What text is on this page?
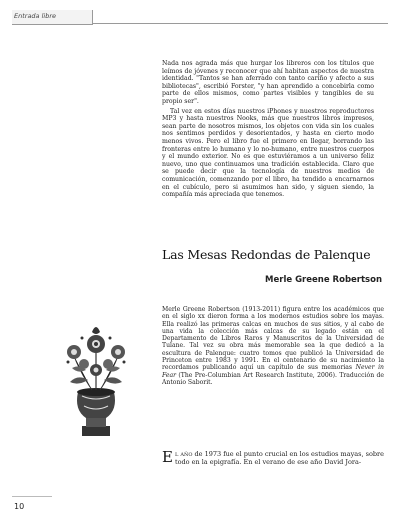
Entrada libre

Nada nos agrada más que hurgar los libreros con los títulos que leímos de jóvenes y reconocer que ahí habitan aspectos de nuestra identidad. "Tantos se han aferrado con tanto cariño y afecto a sus bibliotecas", escribió Forster, "y han aprendido a concebirla como parte de ellos mismos, como partes visibles y tangibles de su propio ser".

Tal vez en estos días nuestros iPhones y nuestros reproductores MP3 y hasta nuestros Nooks, más que nuestros libros impresos, sean parte de nosotros mismos, los objetos con vida sin los cuales nos sentimos perdidos y desorientados, y hasta en cierto modo menos vivos. Pero el libro fue el primero en llegar, borrando las fronteras entre lo humano y lo no-humano, entre nuestros cuerpos y el mundo exterior. No es que estuviéramos a un universo feliz nuevo, uno que continuamos una tradición establecida. Claro que se puede decir que la tecnología de nuestros medios de comunicación, comenzando por el libro, ha tendido a encarnarnos en el cubículo, pero si asumimos han sido, y siguen siendo, la compañía más apreciada que tenemos.

Las Mesas Redondas de Palenque
Merle Greene Robertson

Merle Greene Robertson (1913-2011) figura entre los académicos que en el siglo xx dieron forma a los modernos estudios sobre los mayas. Ella realizó las primeras calcas en muchos de sus sitios, y al cabo de una vida la colección más calcas de su legado están en el Departamento de Libros Raros y Manuscritos de la Universidad de Tulane. Tal vez su obra más memorable sea la que dedicó a la escultura de Palenque: cuatro tomos que publicó la Universidad de Princeton entre 1983 y 1991. En el centenario de su nacimiento la recordamos publicando aquí un capítulo de sus memorias Never in Fear (The Pre-Columbian Art Research Institute, 2006). Traducción de Antonio Saborit.

El año de 1973 fue el punto crucial en los estudios mayas, sobre todo en la epigrafía. En el verano de ese año David Jora-

10
